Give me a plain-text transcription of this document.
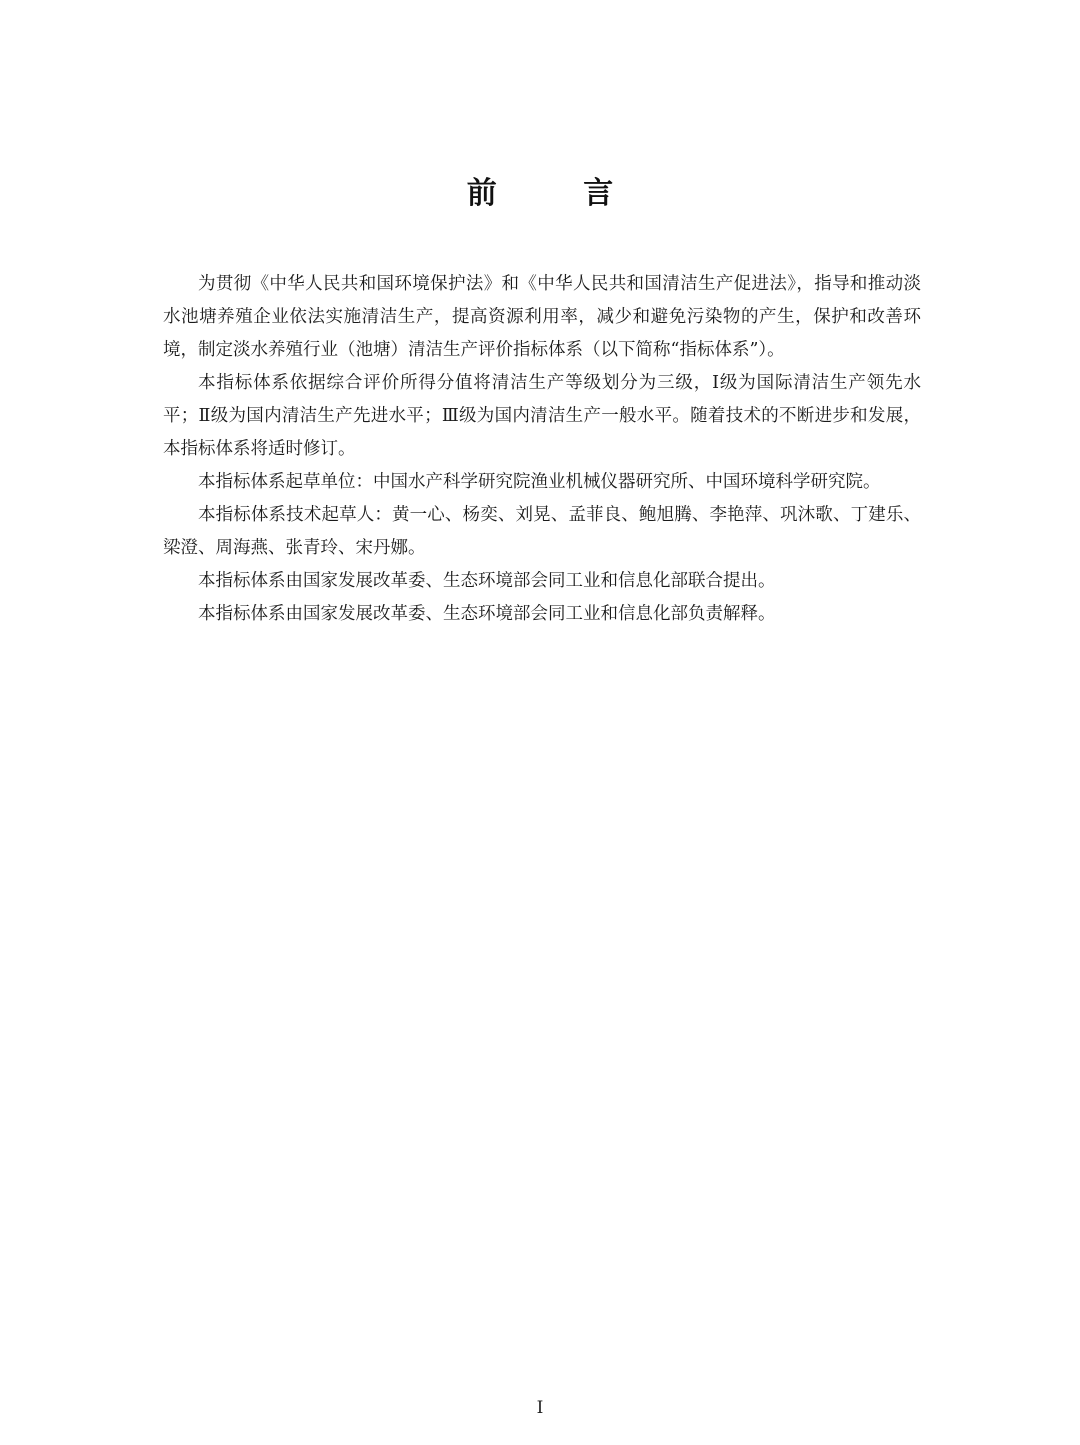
前 言

为贯彻《中华人民共和国环境保护法》和《中华人民共和国清洁生产促进法》，指导和推动淡水池塘养殖企业依法实施清洁生产，提高资源利用率，减少和避免污染物的产生，保护和改善环境，制定淡水养殖行业（池塘）清洁生产评价指标体系（以下简称“指标体系”）。

本指标体系依据综合评价所得分值将清洁生产等级划分为三级，Ⅰ级为国际清洁生产领先水平；Ⅱ级为国内清洁生产先进水平；Ⅲ级为国内清洁生产一般水平。随着技术的不断进步和发展，本指标体系将适时修订。

本指标体系起草单位：中国水产科学研究院渔业机械仪器研究所、中国环境科学研究院。

本指标体系技术起草人：黄一心、杨奕、刘晃、孟菲良、鲍旭腾、李艳萍、巩沐歌、丁建乐、梁澄、周海燕、张青玲、宋丹娜。

本指标体系由国家发展改革委、生态环境部会同工业和信息化部联合提出。

本指标体系由国家发展改革委、生态环境部会同工业和信息化部负责解释。

I
